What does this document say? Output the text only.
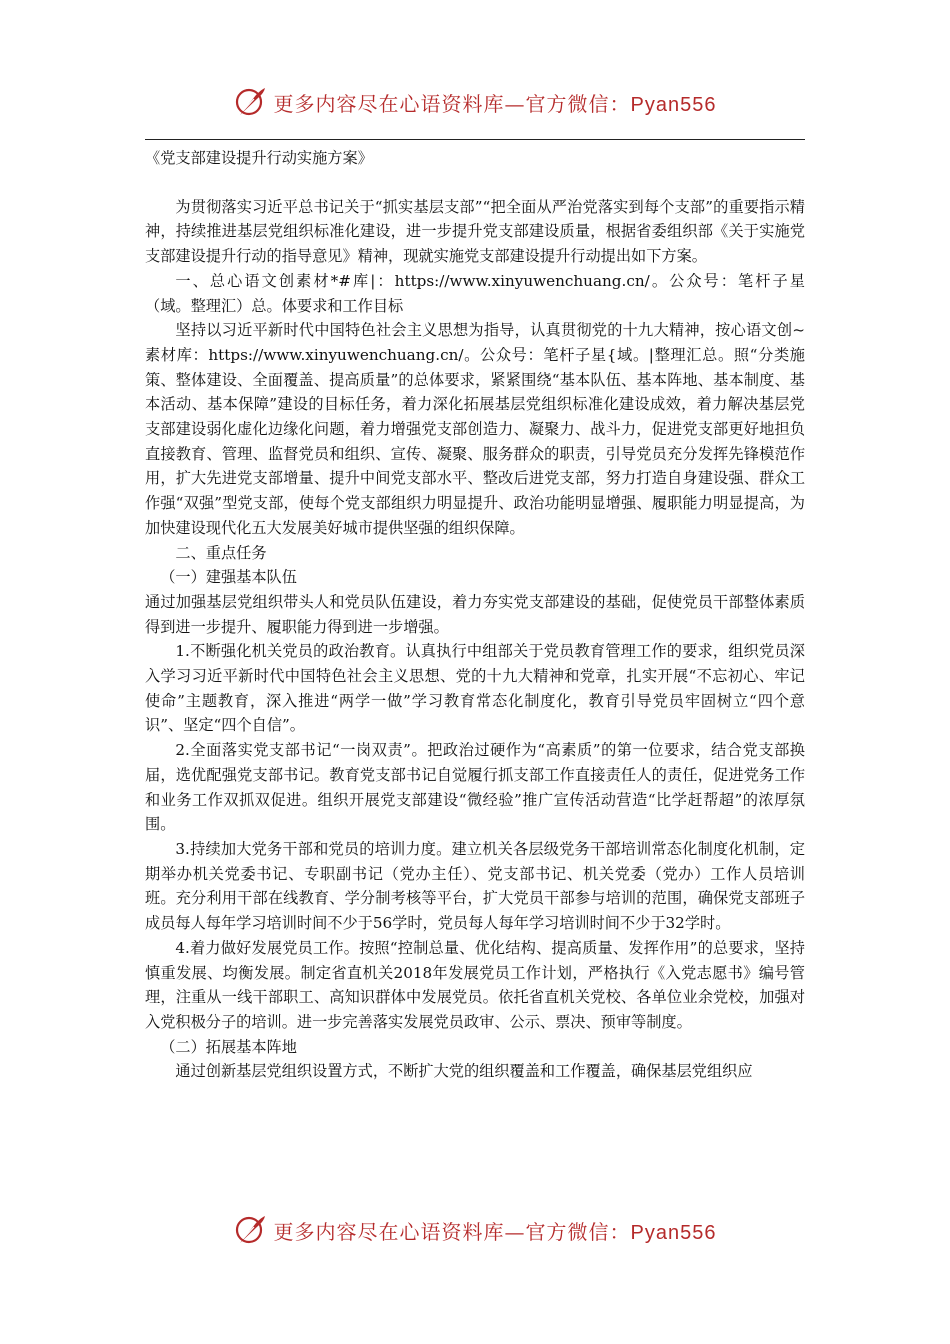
更多内容尽在心语资料库—官方微信：Pyan556

《党支部建设提升行动实施方案》

为贯彻落实习近平总书记关于“抓实基层支部”“把全面从严治党落实到每个支部”的重要指示精神，持续推进基层党组织标准化建设，进一步提升党支部建设质量，根据省委组织部《关于实施党支部建设提升行动的指导意见》精神，现就实施党支部建设提升行动提出如下方案。

一、总心语文创素材*#库|：https://www.xinyuwenchuang.cn/。公众号：笔杆子星（域。整理汇）总。体要求和工作目标

坚持以习近平新时代中国特色社会主义思想为指导，认真贯彻党的十九大精神，按心语文创~素材库：https://www.xinyuwenchuang.cn/。公众号：笔杆子星{域。|整理汇总。照“分类施策、整体建设、全面覆盖、提高质量”的总体要求，紧紧围绕“基本队伍、基本阵地、基本制度、基本活动、基本保障”建设的目标任务，着力深化拓展基层党组织标准化建设成效，着力解决基层党支部建设弱化虚化边缘化问题，着力增强党支部创造力、凝聚力、战斗力，促进党支部更好地担负直接教育、管理、监督党员和组织、宣传、凝聚、服务群众的职责，引导党员充分发挥先锋模范作用，扩大先进党支部增量、提升中间党支部水平、整改后进党支部，努力打造自身建设强、群众工作强“双强”型党支部，使每个党支部组织力明显提升、政治功能明显增强、履职能力明显提高，为加快建设现代化五大发展美好城市提供坚强的组织保障。

二、重点任务

（一）建强基本队伍

通过加强基层党组织带头人和党员队伍建设，着力夯实党支部建设的基础，促使党员干部整体素质得到进一步提升、履职能力得到进一步增强。

1.不断强化机关党员的政治教育。认真执行中组部关于党员教育管理工作的要求，组织党员深入学习习近平新时代中国特色社会主义思想、党的十九大精神和党章，扎实开展“不忘初心、牢记使命”主题教育，深入推进“两学一做”学习教育常态化制度化，教育引导党员牢固树立“四个意识”、坚定“四个自信”。

2.全面落实党支部书记“一岗双责”。把政治过硬作为“高素质”的第一位要求，结合党支部换届，选优配强党支部书记。教育党支部书记自觉履行抓支部工作直接责任人的责任，促进党务工作和业务工作双抓双促进。组织开展党支部建设“微经验”推广宣传活动营造“比学赶帮超”的浓厚氛围。

3.持续加大党务干部和党员的培训力度。建立机关各层级党务干部培训常态化制度化机制，定期举办机关党委书记、专职副书记（党办主任）、党支部书记、机关党委（党办）工作人员培训班。充分利用干部在线教育、学分制考核等平台，扩大党员干部参与培训的范围，确保党支部班子成员每人每年学习培训时间不少于56学时，党员每人每年学习培训时间不少于32学时。

4.着力做好发展党员工作。按照“控制总量、优化结构、提高质量、发挥作用”的总要求，坚持慎重发展、均衡发展。制定省直机关2018年发展党员工作计划，严格执行《入党志愿书》编号管理，注重从一线干部职工、高知识群体中发展党员。依托省直机关党校、各单位业余党校，加强对入党积极分子的培训。进一步完善落实发展党员政审、公示、票决、预审等制度。

（二）拓展基本阵地

通过创新基层党组织设置方式，不断扩大党的组织覆盖和工作覆盖，确保基层党组织应

更多内容尽在心语资料库—官方微信：Pyan556
